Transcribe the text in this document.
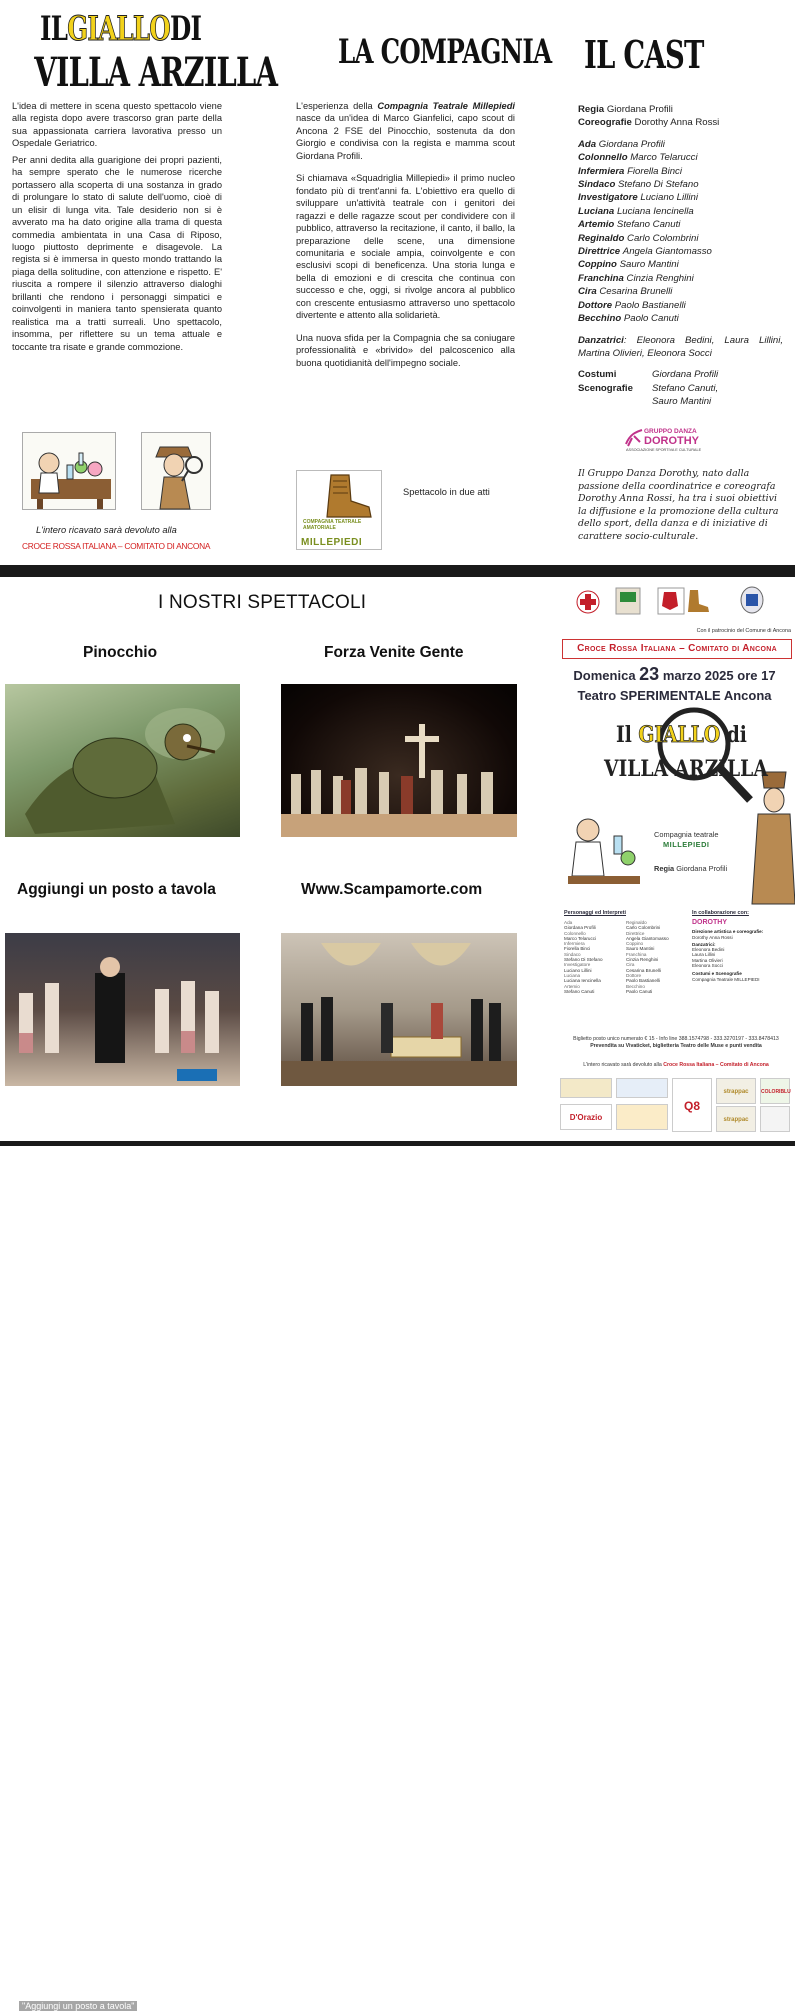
ILGIALLODI
VILLA ARZILLA

L'idea di mettere in scena questo spettacolo viene alla regista dopo avere trascorso gran parte della sua appassionata carriera lavorativa presso un Ospedale Geriatrico.

Per anni dedita alla guarigione dei propri pazienti, ha sempre sperato che le numerose ricerche portassero alla scoperta di una sostanza in grado di prolungare lo stato di salute dell'uomo, cioè di un elisir di lunga vita. Tale desiderio non si è avverato ma ha dato origine alla trama di questa commedia ambientata in una Casa di Riposo, luogo piuttosto deprimente e disagevole. La regista si è immersa in questo mondo trattando la piaga della solitudine, con attenzione e rispetto. E' riuscita a rompere il silenzio attraverso dialoghi brillanti che rendono i personaggi simpatici e coinvolgenti in maniera tanto spensierata quanto realistica ma a tratti surreali. Uno spettacolo, insomma, per riflettere su un tema attuale e toccante tra risate e grande commozione.

L'intero ricavato sarà devoluto alla
CROCE ROSSA ITALIANA – COMITATO DI ANCONA
LA COMPAGNIA

L'esperienza della Compagnia Teatrale Millepiedi nasce da un'idea di Marco Gianfelici, capo scout di Ancona 2 FSE del Pinocchio, sostenuta da don Giorgio e condivisa con la regista e mamma scout Giordana Profili.

Si chiamava «Squadriglia Millepiedi» il primo nucleo fondato più di trent'anni fa. L'obiettivo era quello di sviluppare un'attività teatrale con i genitori dei ragazzi e delle ragazze scout per condividere con il pubblico, attraverso la recitazione, il canto, il ballo, la preparazione delle scene, una dimensione comunitaria e sociale ampia, coinvolgente e con esclusivi scopi di beneficenza. Una storia lunga e bella di emozioni e di crescita che continua con successo e che, oggi, si rivolge ancora al pubblico con crescente entusiasmo attraverso uno spettacolo divertente e attento alla solidarietà.

Una nuova sfida per la Compagnia che sa coniugare professionalità e «brivido» del palcoscenico alla buona quotidianità dell'impegno sociale.

COMPAGNIA TEATRALE AMATORIALE
MILLEPIEDI
Spettacolo in due atti
IL CAST
Regia Giordana Profili
Coreografie Dorothy Anna Rossi
Ada Giordana Profili
Colonnello Marco Telarucci
Infermiera Fiorella Binci
Sindaco Stefano Di Stefano
Investigatore Luciano Lillini
Luciana Luciana Iencinella
Artemio Stefano Canuti
Reginaldo Carlo Colombrini
Direttrice Angela Giantomasso
Coppino Sauro Mantini
Franchina Cinzia Renghini
Cira Cesarina Brunelli
Dottore Paolo Bastianelli
Becchino Paolo Canuti
Danzatrici: Eleonora Bedini, Laura Lillini, Martina Olivieri, Eleonora Socci
Costumi	Giordana Profili
Scenografie	Stefano Canuti,
Sauro Mantini
GRUPPO DANZA
DOROTHY
ASSOCIAZIONE SPORTIVA E CULTURALE
Il Gruppo Danza Dorothy, nato dalla passione della coordinatrice e coreografa Dorothy Anna Rossi, ha tra i suoi obiettivi la diffusione e la promozione della cultura dello sport, della danza e di iniziative di carattere socio-culturale.
I NOSTRI SPETTACOLI
Pinocchio	Forza Venite Gente
Aggiungi un posto a tavola	Www.Scampamorte.com
"Aggiungi un posto a tavola"
Con il patrocinio del Comune di Ancona
Croce Rossa Italiana – Comitato di Ancona
Domenica 23 marzo 2025 ore 17
Teatro SPERIMENTALE Ancona
Il GIALLO di
VILLA ARZILLA
Compagnia teatrale
MILLEPIEDI
Regia Giordana Profili
Personaggi ed Interpreti	In collaborazione con:
Ada	Reginaldo
Giordana Profili	Carlo Colombrini
Colonnello	Direttrice
Marco Telarucci	Angela Giantomasso
Infermiera	Coppino
Fiorella Binci	Sauro Mantini
Sindaco	Franchina
Stefano Di Stefano	Cinzia Renghini
Investigatore	Cira
Luciano Lillini	Cesarina Brunelli
Luciana	Dottore
Luciana Iencinella	Paolo Bastianelli
Artemio	Becchino
Stefano Canuti	Paolo Canuti
DOROTHY
Direzione artistica e coreografie:
Dorothy Anna Rossi
Danzatrici:
Eleonora Bedini
Laura Lillini
Martina Olivieri
Eleonora Socci
Costumi e Scenografie
Compagnia Teatrale MILLEPIEDI
Biglietto posto unico numerato € 15 - Info line 388.1574798 - 333.3270197 - 333.8478413
Prevendita su Vivaticket, biglietteria Teatro delle Muse e punti vendita
L'intero ricavato sarà devoluto alla Croce Rossa Italiana – Comitato di Ancona
Q8
strappac	COLORIBLU
D'Orazio	strappac
